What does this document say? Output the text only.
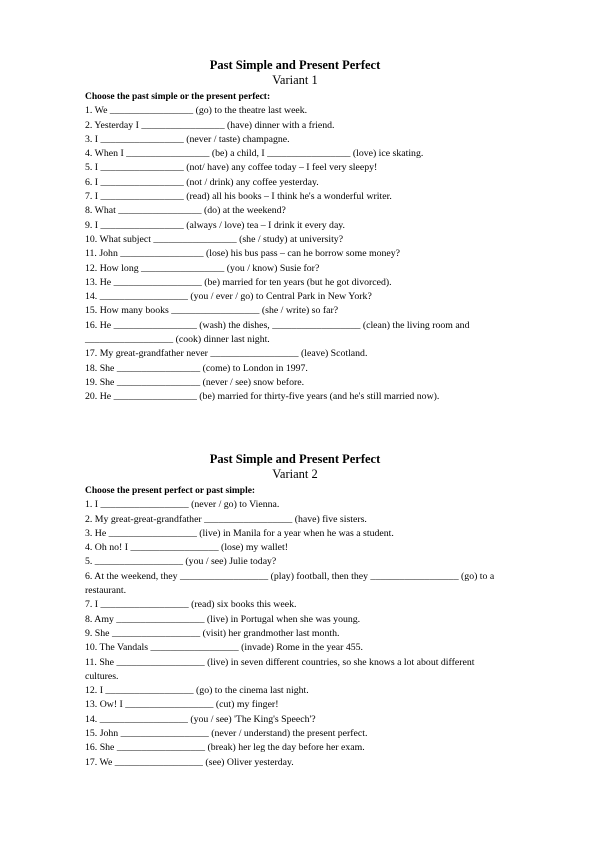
Past Simple and Present Perfect
Variant 1
Choose the past simple or the present perfect:
1. We _________________ (go) to the theatre last week.
2. Yesterday I _________________ (have) dinner with a friend.
3. I _________________ (never / taste) champagne.
4. When I _________________ (be) a child, I _________________ (love) ice skating.
5. I _________________ (not/ have) any coffee today – I feel very sleepy!
6. I _________________ (not / drink) any coffee yesterday.
7. I _________________ (read) all his books – I think he's a wonderful writer.
8. What _________________ (do) at the weekend?
9. I _________________ (always / love) tea – I drink it every day.
10. What subject _________________ (she / study) at university?
11. John _________________ (lose) his bus pass – can he borrow some money?
12. How long _________________ (you / know) Susie for?
13. He __________________ (be) married for ten years (but he got divorced).
14. __________________ (you / ever / go) to Central Park in New York?
15. How many books __________________ (she / write) so far?
16. He _________________ (wash) the dishes, __________________ (clean) the living room and __________________ (cook) dinner last night.
17. My great-grandfather never __________________ (leave) Scotland.
18. She _________________ (come) to London in 1997.
19. She _________________ (never / see) snow before.
20. He _________________ (be) married for thirty-five years (and he's still married now).
Past Simple and Present Perfect
Variant 2
Choose the present perfect or past simple:
1. I __________________ (never / go) to Vienna.
2. My great-great-grandfather __________________ (have) five sisters.
3. He __________________ (live) in Manila for a year when he was a student.
4. Oh no! I __________________ (lose) my wallet!
5. __________________ (you / see) Julie today?
6. At the weekend, they __________________ (play) football, then they __________________ (go) to a restaurant.
7. I __________________ (read) six books this week.
8. Amy __________________ (live) in Portugal when she was young.
9. She __________________ (visit) her grandmother last month.
10. The Vandals __________________ (invade) Rome in the year 455.
11. She __________________ (live) in seven different countries, so she knows a lot about different cultures.
12. I __________________ (go) to the cinema last night.
13. Ow! I __________________ (cut) my finger!
14. __________________ (you / see) 'The King's Speech'?
15. John __________________ (never / understand) the present perfect.
16. She __________________ (break) her leg the day before her exam.
17. We __________________ (see) Oliver yesterday.
